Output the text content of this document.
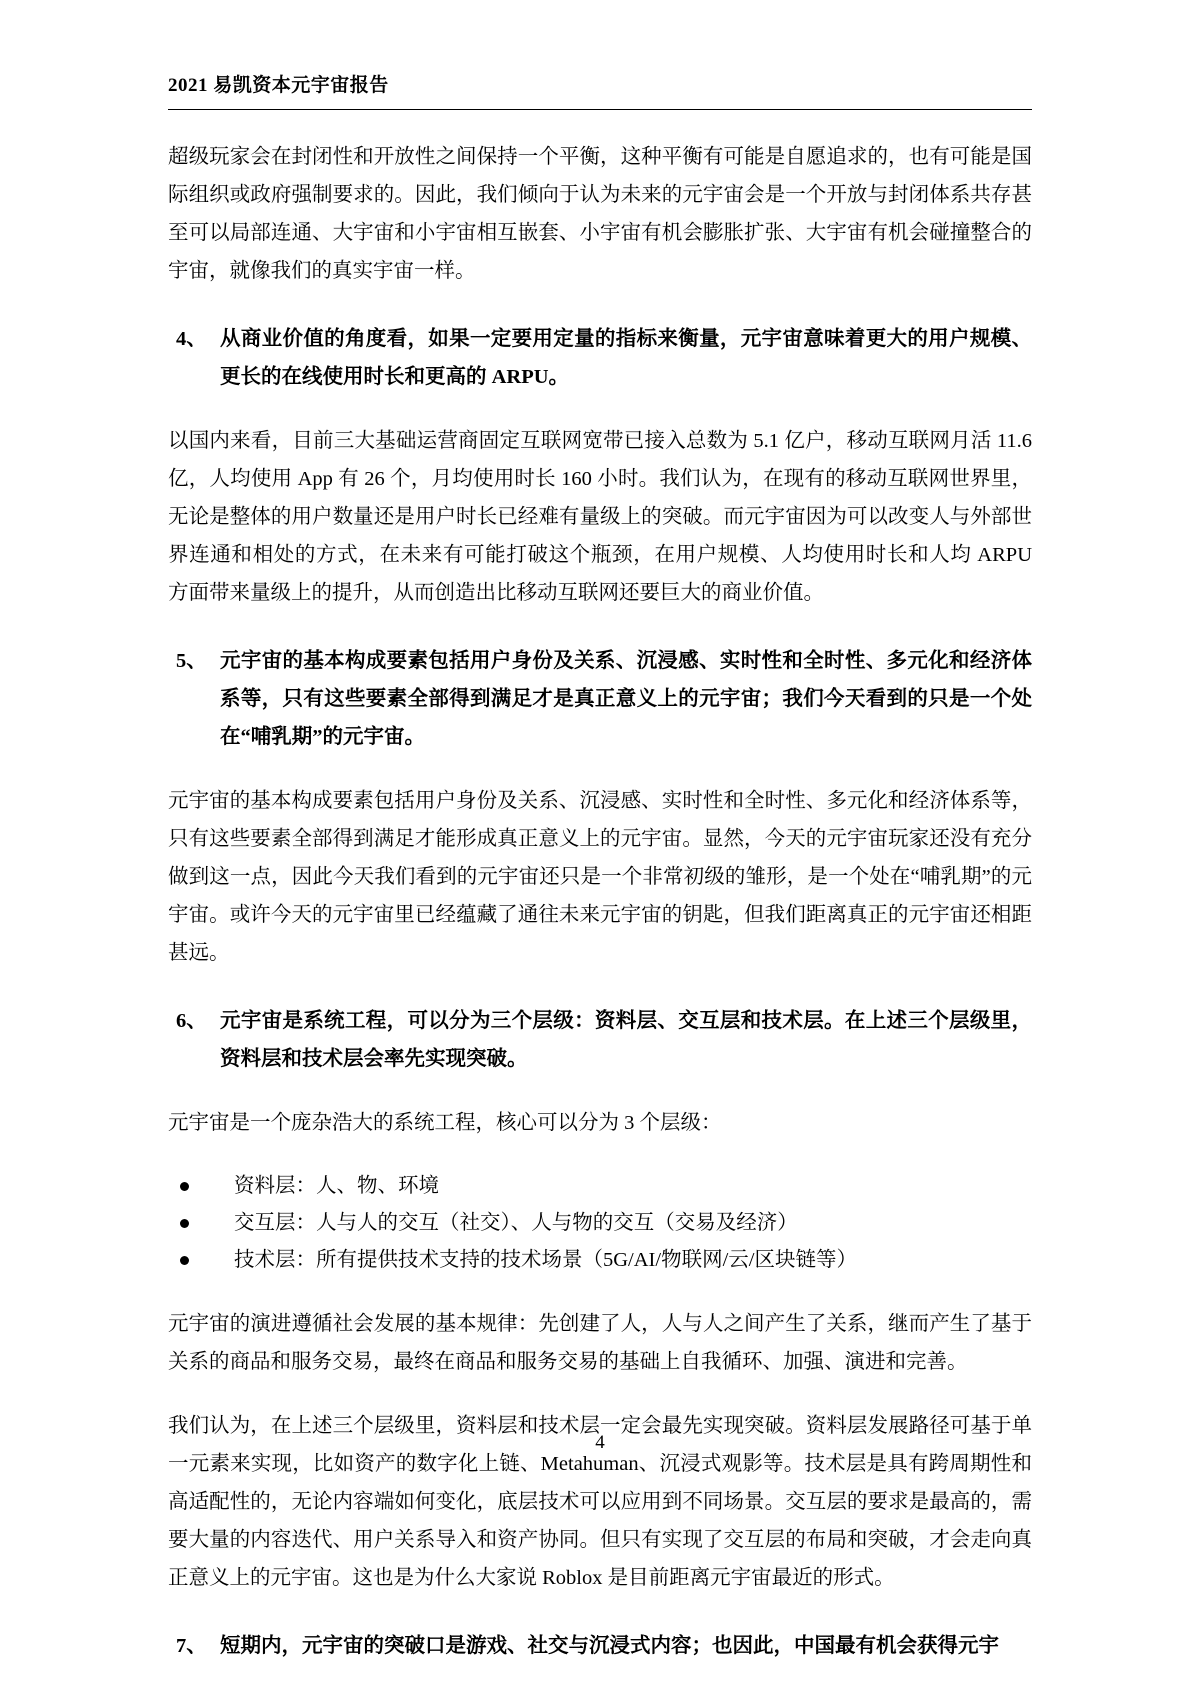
2021 易凯资本元宇宙报告

超级玩家会在封闭性和开放性之间保持一个平衡，这种平衡有可能是自愿追求的，也有可能是国际组织或政府强制要求的。因此，我们倾向于认为未来的元宇宙会是一个开放与封闭体系共存甚至可以局部连通、大宇宙和小宇宙相互嵌套、小宇宙有机会膨胀扩张、大宇宙有机会碰撞整合的宇宙，就像我们的真实宇宙一样。

4、 从商业价值的角度看，如果一定要用定量的指标来衡量，元宇宙意味着更大的用户规模、更长的在线使用时长和更高的 ARPU。

以国内来看，目前三大基础运营商固定互联网宽带已接入总数为 5.1 亿户，移动互联网月活 11.6 亿，人均使用 App 有 26 个，月均使用时长 160 小时。我们认为，在现有的移动互联网世界里，无论是整体的用户数量还是用户时长已经难有量级上的突破。而元宇宙因为可以改变人与外部世界连通和相处的方式，在未来有可能打破这个瓶颈，在用户规模、人均使用时长和人均 ARPU 方面带来量级上的提升，从而创造出比移动互联网还要巨大的商业价值。

5、 元宇宙的基本构成要素包括用户身份及关系、沉浸感、实时性和全时性、多元化和经济体系等，只有这些要素全部得到满足才是真正意义上的元宇宙；我们今天看到的只是一个处在“哺乳期”的元宇宙。

元宇宙的基本构成要素包括用户身份及关系、沉浸感、实时性和全时性、多元化和经济体系等，只有这些要素全部得到满足才能形成真正意义上的元宇宙。显然，今天的元宇宙玩家还没有充分做到这一点，因此今天我们看到的元宇宙还只是一个非常初级的雏形，是一个处在“哺乳期”的元宇宙。或许今天的元宇宙里已经蕴藏了通往未来元宇宙的钥匙，但我们距离真正的元宇宙还相距甚远。

6、 元宇宙是系统工程，可以分为三个层级：资料层、交互层和技术层。在上述三个层级里，资料层和技术层会率先实现突破。

元宇宙是一个庞杂浩大的系统工程，核心可以分为 3 个层级：

资料层：人、物、环境
交互层：人与人的交互（社交）、人与物的交互（交易及经济）
技术层：所有提供技术支持的技术场景（5G/AI/物联网/云/区块链等）

元宇宙的演进遵循社会发展的基本规律：先创建了人，人与人之间产生了关系，继而产生了基于关系的商品和服务交易，最终在商品和服务交易的基础上自我循环、加强、演进和完善。

我们认为，在上述三个层级里，资料层和技术层一定会最先实现突破。资料层发展路径可基于单一元素来实现，比如资产的数字化上链、Metahuman、沉浸式观影等。技术层是具有跨周期性和高适配性的，无论内容端如何变化，底层技术可以应用到不同场景。交互层的要求是最高的，需要大量的内容迭代、用户关系导入和资产协同。但只有实现了交互层的布局和突破，才会走向真正意义上的元宇宙。这也是为什么大家说 Roblox 是目前距离元宇宙最近的形式。

7、 短期内，元宇宙的突破口是游戏、社交与沉浸式内容；也因此，中国最有机会获得元宇
4
